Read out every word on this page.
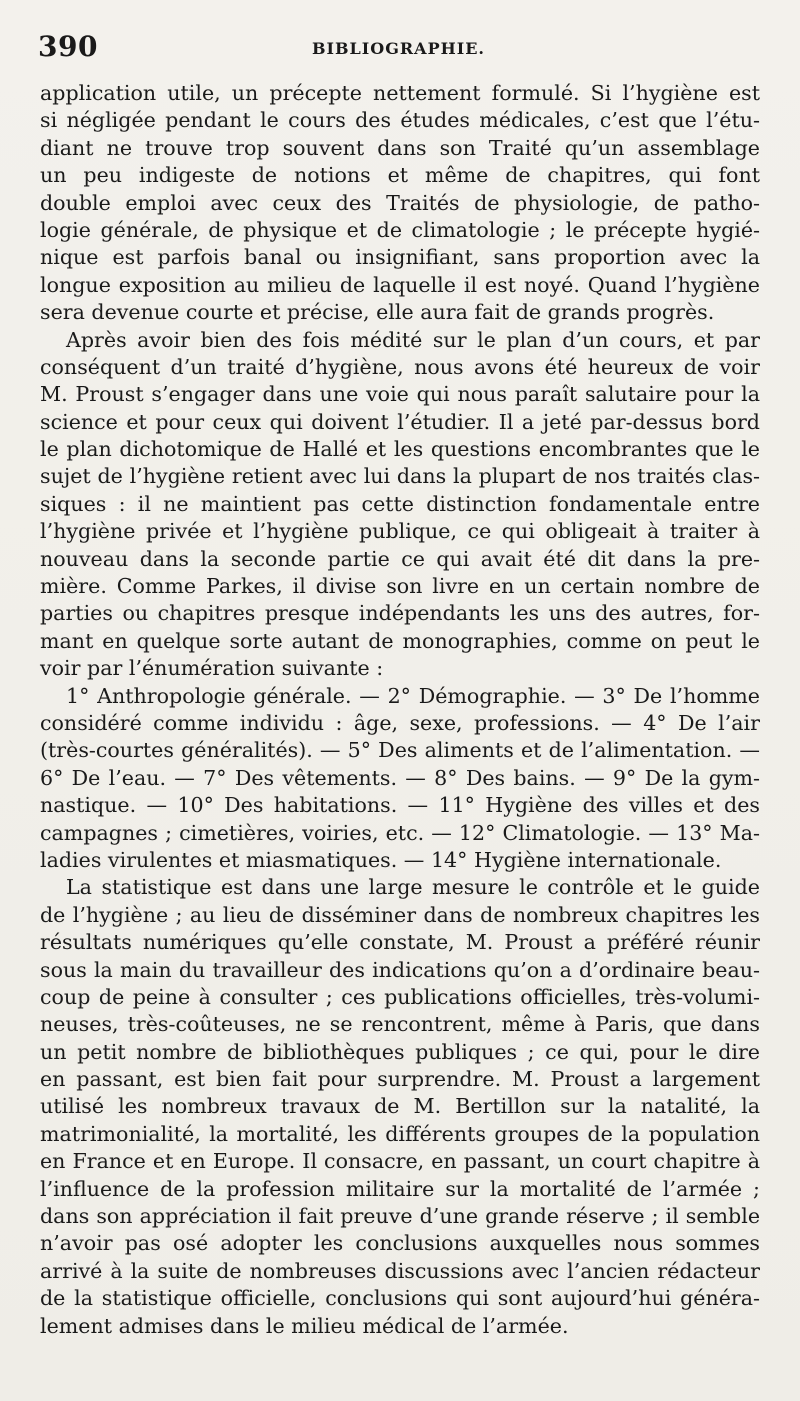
390	BIBLIOGRAPHIE.
application utile, un précepte nettement formulé. Si l’hygiène est
si négligée pendant le cours des études médicales, c’est que l’étu-
diant ne trouve trop souvent dans son Traité qu’un assemblage
un peu indigeste de notions et même de chapitres, qui font
double emploi avec ceux des Traités de physiologie, de patho-
logie générale, de physique et de climatologie ; le précepte hygié-
nique est parfois banal ou insignifiant, sans proportion avec la
longue exposition au milieu de laquelle il est noyé. Quand l’hygiène
sera devenue courte et précise, elle aura fait de grands progrès.
Après avoir bien des fois médité sur le plan d’un cours, et par
conséquent d’un traité d’hygiène, nous avons été heureux de voir
M. Proust s’engager dans une voie qui nous paraît salutaire pour la
science et pour ceux qui doivent l’étudier. Il a jeté par-dessus bord
le plan dichotomique de Hallé et les questions encombrantes que le
sujet de l’hygiène retient avec lui dans la plupart de nos traités clas-
siques : il ne maintient pas cette distinction fondamentale entre
l’hygiène privée et l’hygiène publique, ce qui obligeait à traiter à
nouveau dans la seconde partie ce qui avait été dit dans la pre-
mière. Comme Parkes, il divise son livre en un certain nombre de
parties ou chapitres presque indépendants les uns des autres, for-
mant en quelque sorte autant de monographies, comme on peut le
voir par l’énumération suivante :
1° Anthropologie générale. — 2° Démographie. — 3° De l’homme
considéré comme individu : âge, sexe, professions. — 4° De l’air
(très-courtes généralités). — 5° Des aliments et de l’alimentation. —
6° De l’eau. — 7° Des vêtements. — 8° Des bains. — 9° De la gym-
nastique. — 10° Des habitations. — 11° Hygiène des villes et des
campagnes ; cimetières, voiries, etc. — 12° Climatologie. — 13° Ma-
ladies virulentes et miasmatiques. — 14° Hygiène internationale.
La statistique est dans une large mesure le contrôle et le guide
de l’hygiène ; au lieu de disséminer dans de nombreux chapitres les
résultats numériques qu’elle constate, M. Proust a préféré réunir
sous la main du travailleur des indications qu’on a d’ordinaire beau-
coup de peine à consulter ; ces publications officielles, très-volumi-
neuses, très-coûteuses, ne se rencontrent, même à Paris, que dans
un petit nombre de bibliothèques publiques ; ce qui, pour le dire
en passant, est bien fait pour surprendre. M. Proust a largement
utilisé les nombreux travaux de M. Bertillon sur la natalité, la
matrimonialité, la mortalité, les différents groupes de la population
en France et en Europe. Il consacre, en passant, un court chapitre à
l’influence de la profession militaire sur la mortalité de l’armée ;
dans son appréciation il fait preuve d’une grande réserve ; il semble
n’avoir pas osé adopter les conclusions auxquelles nous sommes
arrivé à la suite de nombreuses discussions avec l’ancien rédacteur
de la statistique officielle, conclusions qui sont aujourd’hui généra-
lement admises dans le milieu médical de l’armée.
